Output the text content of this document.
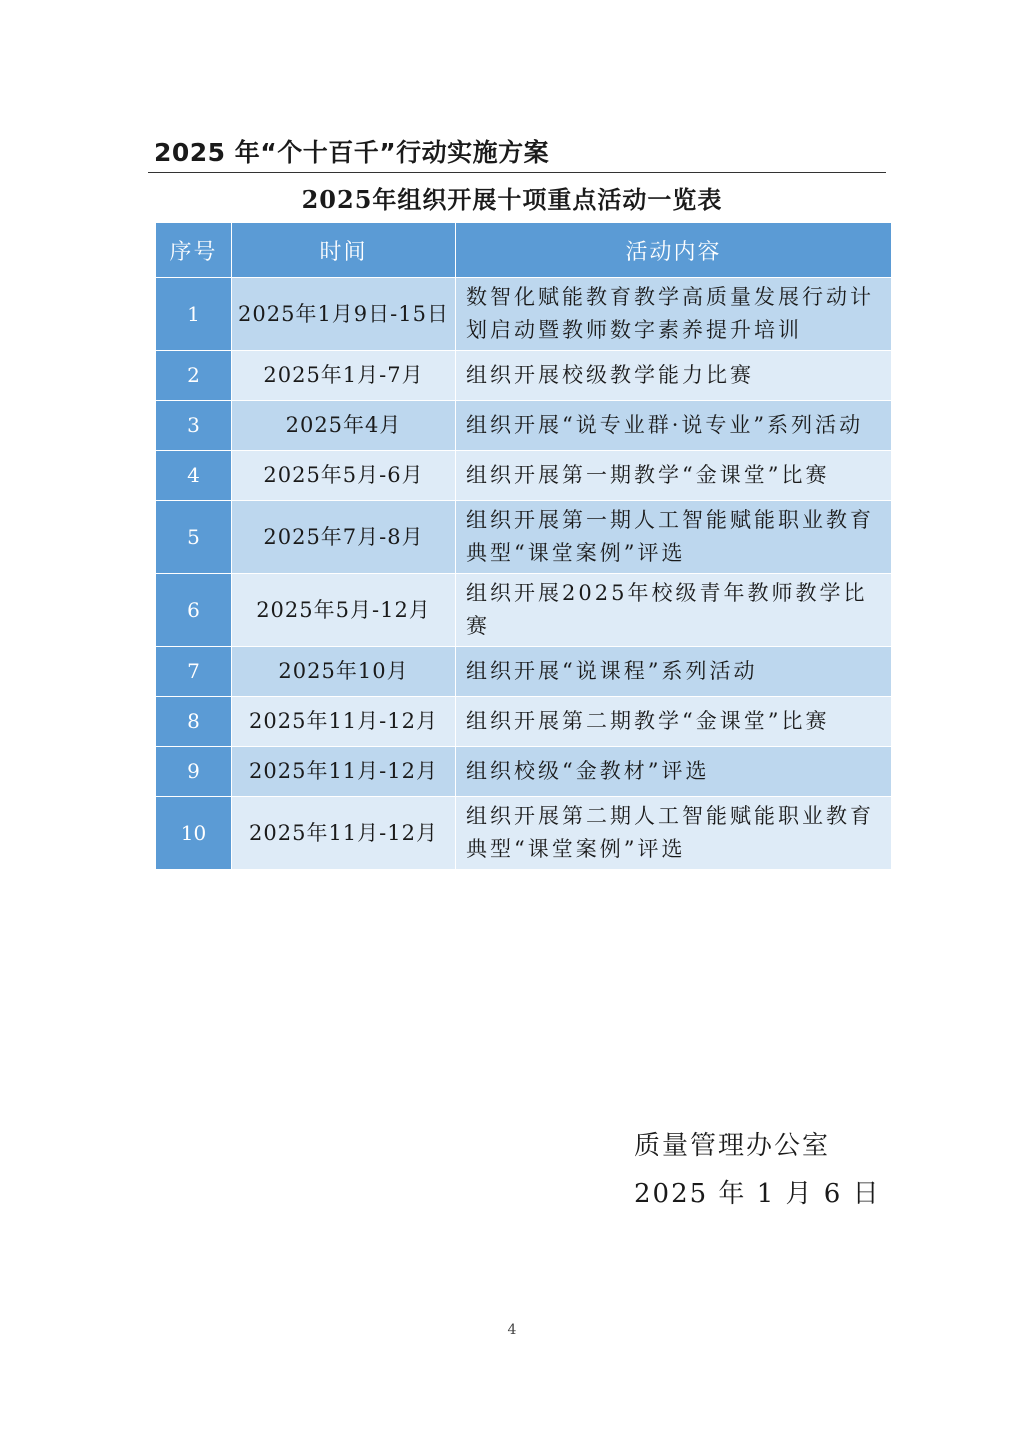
2025 年“个十百千”行动实施方案
2025年组织开展十项重点活动一览表
序号	时间	活动内容
1	2025年1月9日-15日	数智化赋能教育教学高质量发展行动计划启动暨教师数字素养提升培训
2	2025年1月-7月	组织开展校级教学能力比赛
3	2025年4月	组织开展“说专业群·说专业”系列活动
4	2025年5月-6月	组织开展第一期教学“金课堂”比赛
5	2025年7月-8月	组织开展第一期人工智能赋能职业教育典型“课堂案例”评选
6	2025年5月-12月	组织开展2025年校级青年教师教学比赛
7	2025年10月	组织开展“说课程”系列活动
8	2025年11月-12月	组织开展第二期教学“金课堂”比赛
9	2025年11月-12月	组织校级“金教材”评选
10	2025年11月-12月	组织开展第二期人工智能赋能职业教育典型“课堂案例”评选
质量管理办公室
2025 年 1 月 6 日
4
